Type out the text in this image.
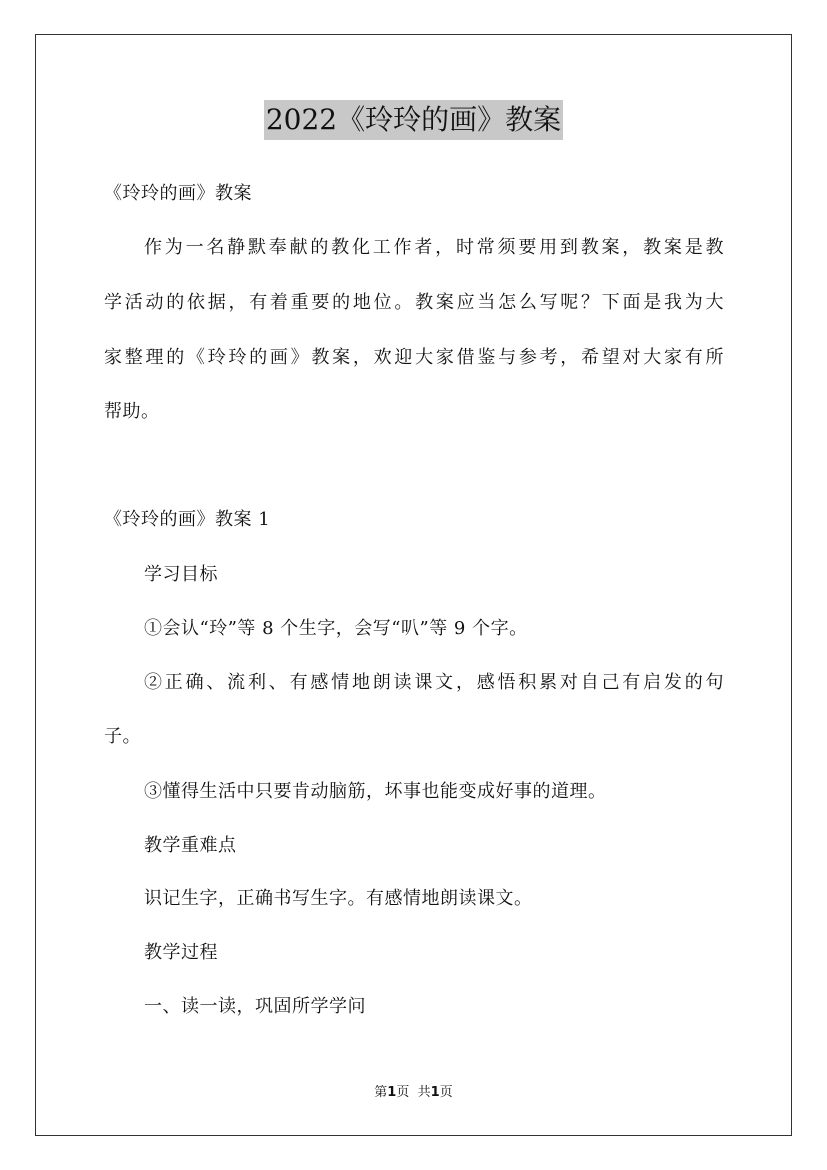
2022《玲玲的画》教案
《玲玲的画》教案
作为一名静默奉献的教化工作者，时常须要用到教案，教案是教
学活动的依据，有着重要的地位。教案应当怎么写呢？下面是我为大
家整理的《玲玲的画》教案，欢迎大家借鉴与参考，希望对大家有所
帮助。
《玲玲的画》教案 1
学习目标
①会认“玲”等 8 个生字，会写“叭”等 9 个字。
②正确、流利、有感情地朗读课文，感悟积累对自己有启发的句
子。
③懂得生活中只要肯动脑筋，坏事也能变成好事的道理。
教学重难点
识记生字，正确书写生字。有感情地朗读课文。
教学过程
一、读一读，巩固所学学问
第1页 共1页
